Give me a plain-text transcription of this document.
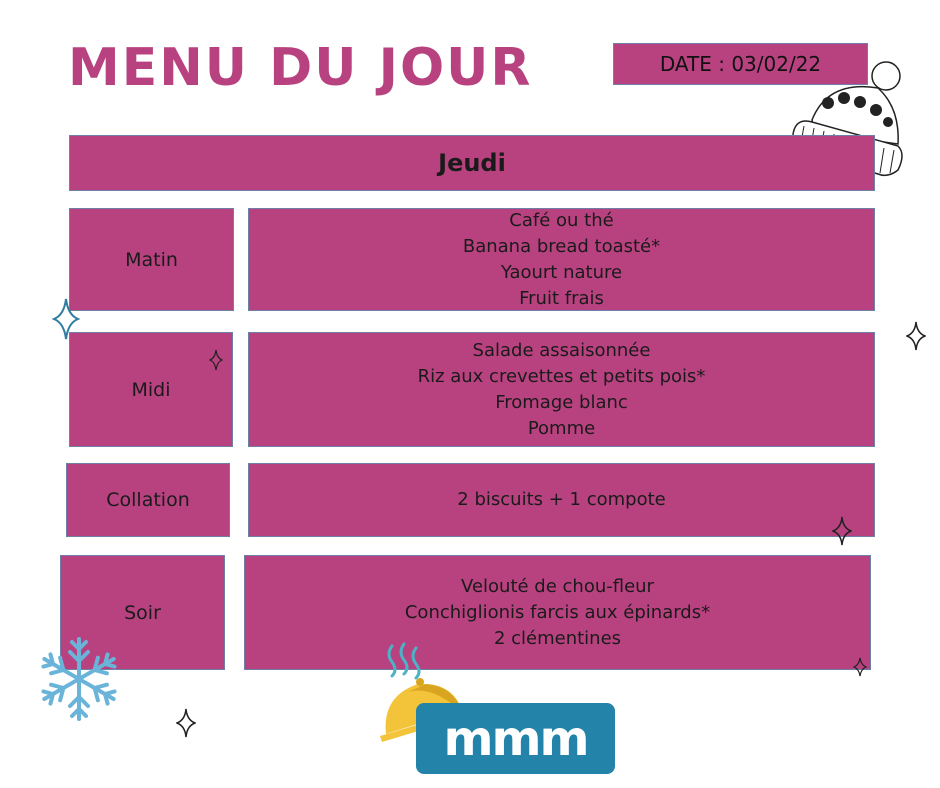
MENU DU JOUR	DATE : 03/02/22
Jeudi
Matin
Café ou thé
Banana bread toasté*
Yaourt nature
Fruit frais
Midi
Salade assaisonnée
Riz aux crevettes et petits pois*
Fromage blanc
Pomme
Collation	2 biscuits + 1 compote
Soir
Velouté de chou-fleur
Conchiglionis farcis aux épinards*
2 clémentines
mmm
